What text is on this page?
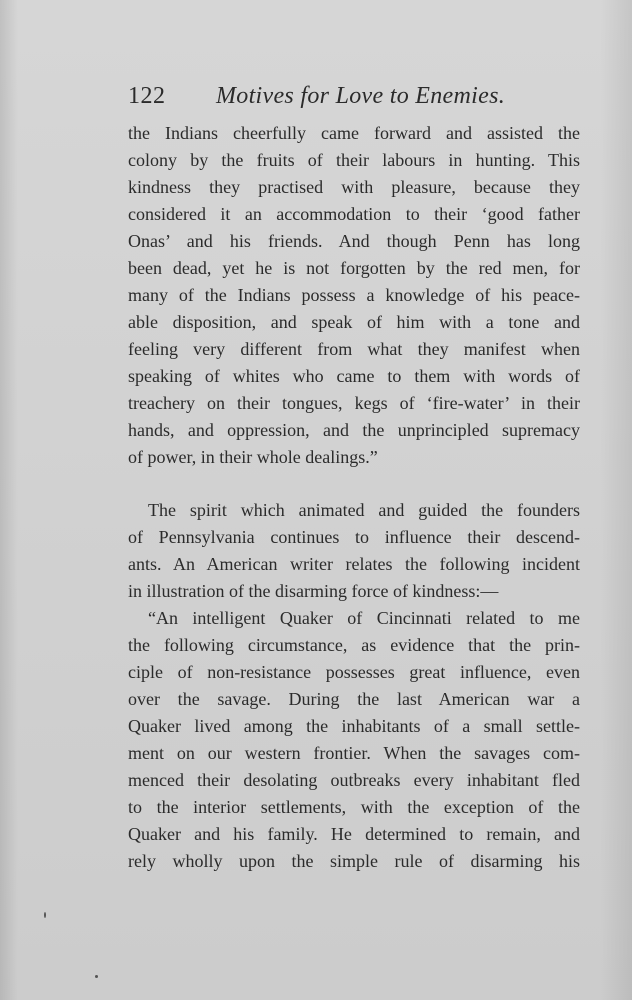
122 Motives for Love to Enemies.
the Indians cheerfully came forward and assisted the
colony by the fruits of their labours in hunting. This
kindness they practised with pleasure, because they
considered it an accommodation to their ‘good father
Onas’ and his friends. And though Penn has long
been dead, yet he is not forgotten by the red men, for
many of the Indians possess a knowledge of his peace-
able disposition, and speak of him with a tone and
feeling very different from what they manifest when
speaking of whites who came to them with words of
treachery on their tongues, kegs of ‘fire-water’ in their
hands, and oppression, and the unprincipled supremacy
of power, in their whole dealings.”
The spirit which animated and guided the founders
of Pennsylvania continues to influence their descend-
ants. An American writer relates the following incident
in illustration of the disarming force of kindness:—
“An intelligent Quaker of Cincinnati related to me
the following circumstance, as evidence that the prin-
ciple of non-resistance possesses great influence, even
over the savage. During the last American war a
Quaker lived among the inhabitants of a small settle-
ment on our western frontier. When the savages com-
menced their desolating outbreaks every inhabitant fled
to the interior settlements, with the exception of the
Quaker and his family. He determined to remain, and
rely wholly upon the simple rule of disarming his
